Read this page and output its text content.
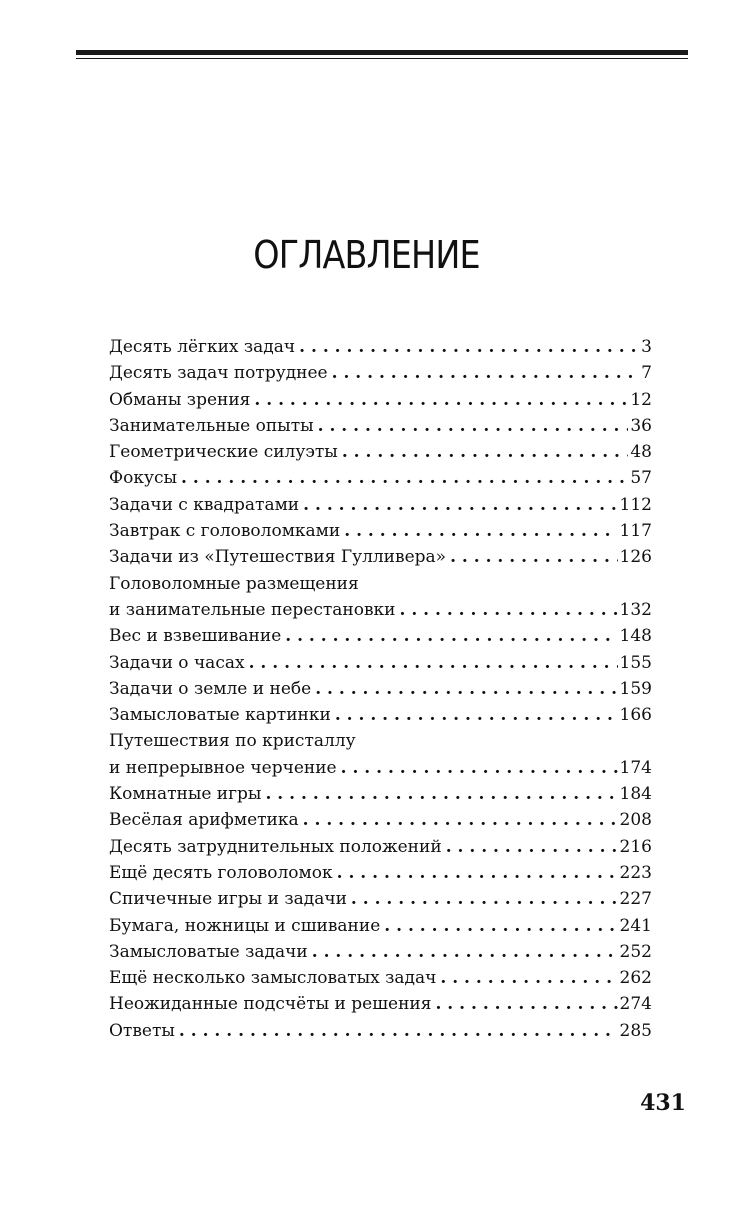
ОГЛАВЛЕНИЕ
Десять лёгких задач . . .	3
Десять задач потруднее . . .	7
Обманы зрения . . .	12
Занимательные опыты . . .	36
Геометрические силуэты . . .	48
Фокусы . . .	57
Задачи с квадратами . . .	112
Завтрак с головоломками . . .	117
Задачи из «Путешествия Гулливера» . . .	126
Головоломные размещения
и занимательные перестановки . . .	132
Вес и взвешивание . . .	148
Задачи о часах . . .	155
Задачи о земле и небе . . .	159
Замысловатые картинки . . .	166
Путешествия по кристаллу
и непрерывное черчение . . .	174
Комнатные игры . . .	184
Весёлая арифметика . . .	208
Десять затруднительных положений . . .	216
Ещё десять головоломок . . .	223
Спичечные игры и задачи . . .	227
Бумага, ножницы и сшивание . . .	241
Замысловатые задачи . . .	252
Ещё несколько замысловатых задач . . .	262
Неожиданные подсчёты и решения . . .	274
Ответы . . .	285
431
